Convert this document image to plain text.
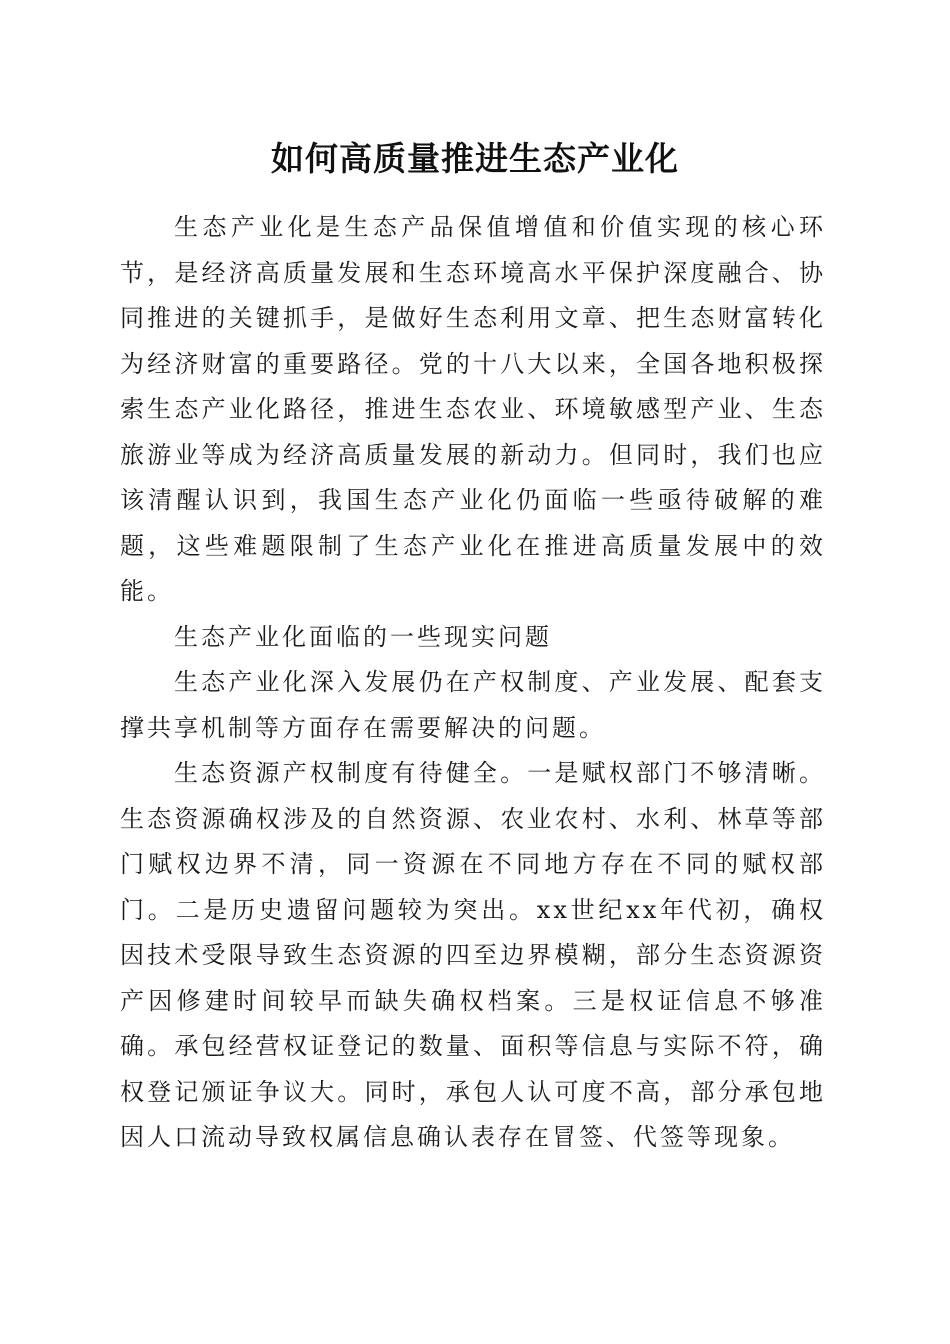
如何高质量推进生态产业化

生态产业化是生态产品保值增值和价值实现的核心环节，是经济高质量发展和生态环境高水平保护深度融合、协同推进的关键抓手，是做好生态利用文章、把生态财富转化为经济财富的重要路径。党的十八大以来，全国各地积极探索生态产业化路径，推进生态农业、环境敏感型产业、生态旅游业等成为经济高质量发展的新动力。但同时，我们也应该清醒认识到，我国生态产业化仍面临一些亟待破解的难题，这些难题限制了生态产业化在推进高质量发展中的效能。

生态产业化面临的一些现实问题

生态产业化深入发展仍在产权制度、产业发展、配套支撑共享机制等方面存在需要解决的问题。

生态资源产权制度有待健全。一是赋权部门不够清晰。生态资源确权涉及的自然资源、农业农村、水利、林草等部门赋权边界不清，同一资源在不同地方存在不同的赋权部门。二是历史遗留问题较为突出。xx世纪xx年代初，确权因技术受限导致生态资源的四至边界模糊，部分生态资源资产因修建时间较早而缺失确权档案。三是权证信息不够准确。承包经营权证登记的数量、面积等信息与实际不符，确权登记颁证争议大。同时，承包人认可度不高，部分承包地因人口流动导致权属信息确认表存在冒签、代签等现象。
